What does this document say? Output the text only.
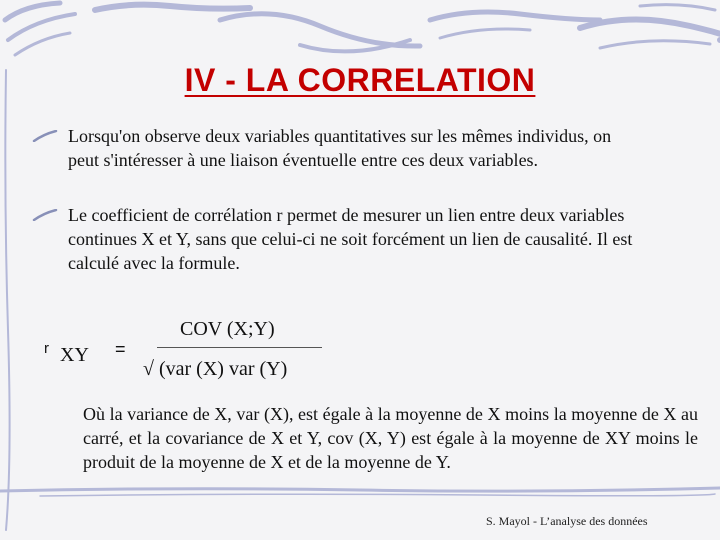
IV - LA CORRELATION
Lorsqu'on observe deux variables quantitatives sur les mêmes individus, on peut s'intéresser à une liaison éventuelle entre ces deux variables.
Le coefficient de corrélation r permet de mesurer un lien entre deux variables continues X et Y, sans que celui-ci ne soit forcément un lien de causalité. Il est calculé avec la formule.
r XY =
COV (X;Y)
√ (var (X) var (Y)
Où la variance de X, var (X), est égale à la moyenne de X moins la moyenne de X au carré, et la covariance de X et Y, cov (X, Y) est égale à la moyenne de XY moins le produit de la moyenne de X et de la moyenne de Y.
S. Mayol - L’analyse des données
